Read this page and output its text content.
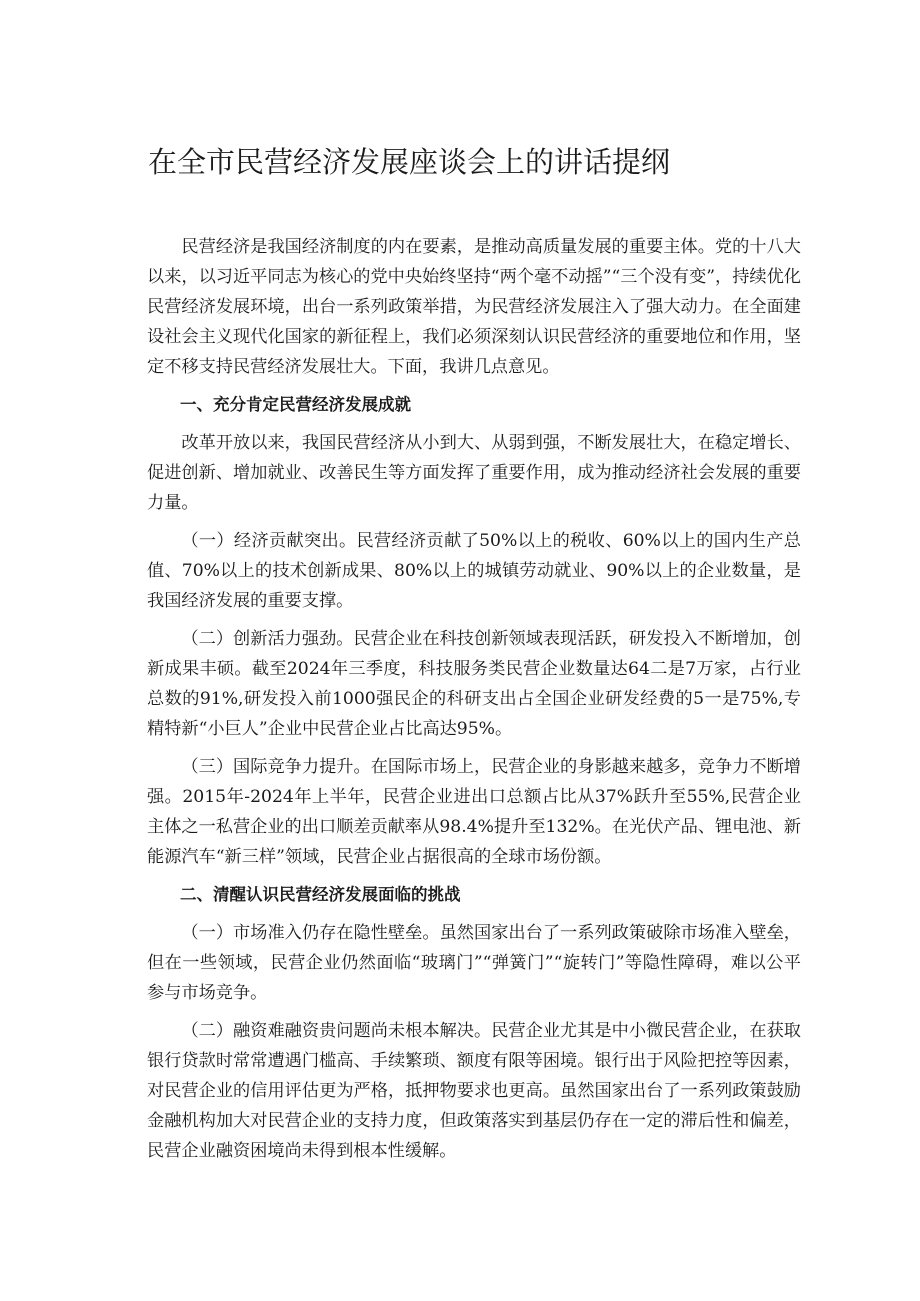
在全市民营经济发展座谈会上的讲话提纲

民营经济是我国经济制度的内在要素，是推动高质量发展的重要主体。党的十八大以来，以习近平同志为核心的党中央始终坚持“两个毫不动摇”“三个没有变”，持续优化民营经济发展环境，出台一系列政策举措，为民营经济发展注入了强大动力。在全面建设社会主义现代化国家的新征程上，我们必须深刻认识民营经济的重要地位和作用，坚定不移支持民营经济发展壮大。下面，我讲几点意见。

一、充分肯定民营经济发展成就

改革开放以来，我国民营经济从小到大、从弱到强，不断发展壮大，在稳定增长、促进创新、增加就业、改善民生等方面发挥了重要作用，成为推动经济社会发展的重要力量。

（一）经济贡献突出。民营经济贡献了50%以上的税收、60%以上的国内生产总值、70%以上的技术创新成果、80%以上的城镇劳动就业、90%以上的企业数量，是我国经济发展的重要支撑。

（二）创新活力强劲。民营企业在科技创新领域表现活跃，研发投入不断增加，创新成果丰硕。截至2024年三季度，科技服务类民营企业数量达64二是7万家，占行业总数的91%,研发投入前1000强民企的科研支出占全国企业研发经费的5一是75%,专精特新“小巨人”企业中民营企业占比高达95%。

（三）国际竞争力提升。在国际市场上，民营企业的身影越来越多，竞争力不断增强。2015年-2024年上半年，民营企业进出口总额占比从37%跃升至55%,民营企业主体之一私营企业的出口顺差贡献率从98.4%提升至132%。在光伏产品、锂电池、新能源汽车“新三样”领域，民营企业占据很高的全球市场份额。

二、清醒认识民营经济发展面临的挑战

（一）市场准入仍存在隐性壁垒。虽然国家出台了一系列政策破除市场准入壁垒，但在一些领域，民营企业仍然面临“玻璃门”“弹簧门”“旋转门”等隐性障碍，难以公平参与市场竞争。

（二）融资难融资贵问题尚未根本解决。民营企业尤其是中小微民营企业，在获取银行贷款时常常遭遇门槛高、手续繁琐、额度有限等困境。银行出于风险把控等因素，对民营企业的信用评估更为严格，抵押物要求也更高。虽然国家出台了一系列政策鼓励金融机构加大对民营企业的支持力度，但政策落实到基层仍存在一定的滞后性和偏差，民营企业融资困境尚未得到根本性缓解。
